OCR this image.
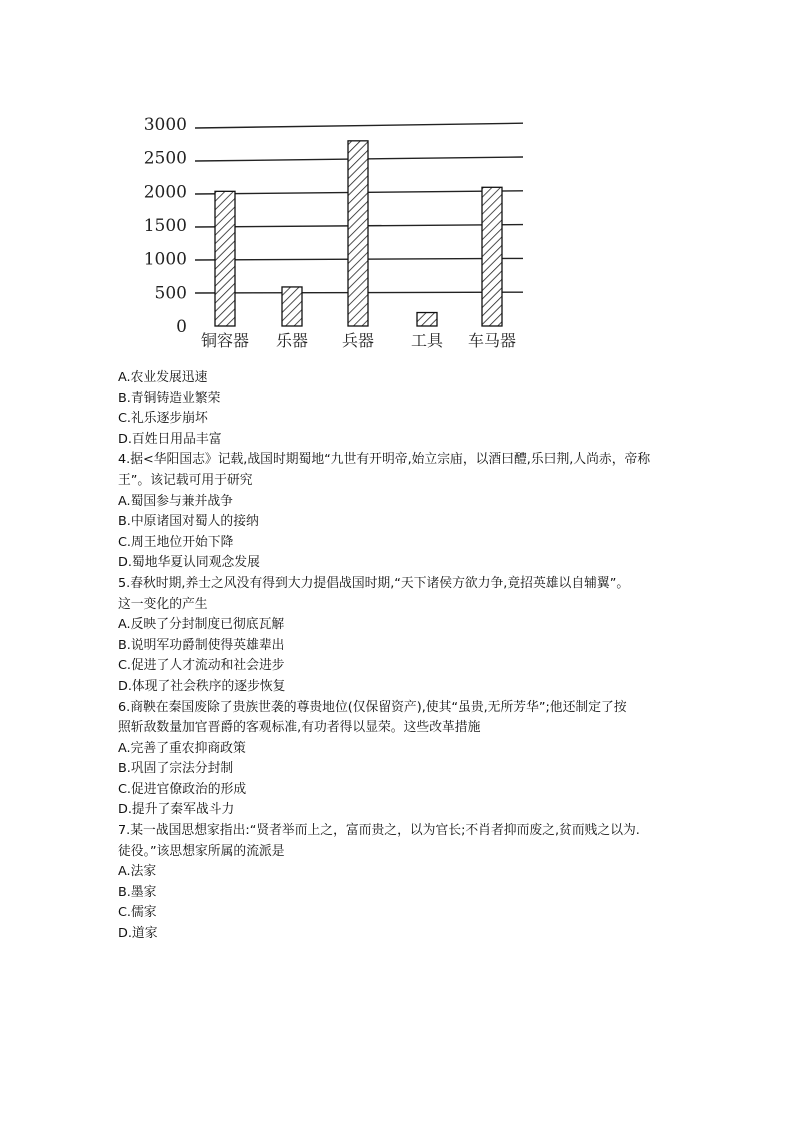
3000
2500
2000
1500
1000
500
0
铜容器 乐器 兵器 工具 车马器
A.农业发展迅速
B.青铜铸造业繁荣
C.礼乐逐步崩坏
D.百姓日用品丰富
4.据<华阳国志》记载,战国时期蜀地“九世有开明帝,始立宗庙，以酒曰醴,乐曰荆,人尚赤，帝称
王”。该记载可用于研究
A.蜀国参与兼并战争
B.中原诸国对蜀人的接纳
C.周王地位开始下降
D.蜀地华夏认同观念发展
5.春秋时期,养士之风没有得到大力提倡战国时期,“天下诸侯方欲力争,竟招英雄以自辅翼”。
这一变化的产生
A.反映了分封制度已彻底瓦解
B.说明军功爵制使得英雄辈出
C.促进了人才流动和社会进步
D.体现了社会秩序的逐步恢复
6.商鞅在秦国废除了贵族世袭的尊贵地位(仅保留资产),使其“虽贵,无所芳华”;他还制定了按
照斩敌数量加官晋爵的客观标准,有功者得以显荣。这些改革措施
A.完善了重农抑商政策
B.巩固了宗法分封制
C.促进官僚政治的形成
D.提升了秦军战斗力
7.某一战国思想家指出:“贤者举而上之，富而贵之，以为官长;不肖者抑而废之,贫而贱之以为.
徒役。”该思想家所属的流派是
A.法家
B.墨家
C.儒家
D.道家
